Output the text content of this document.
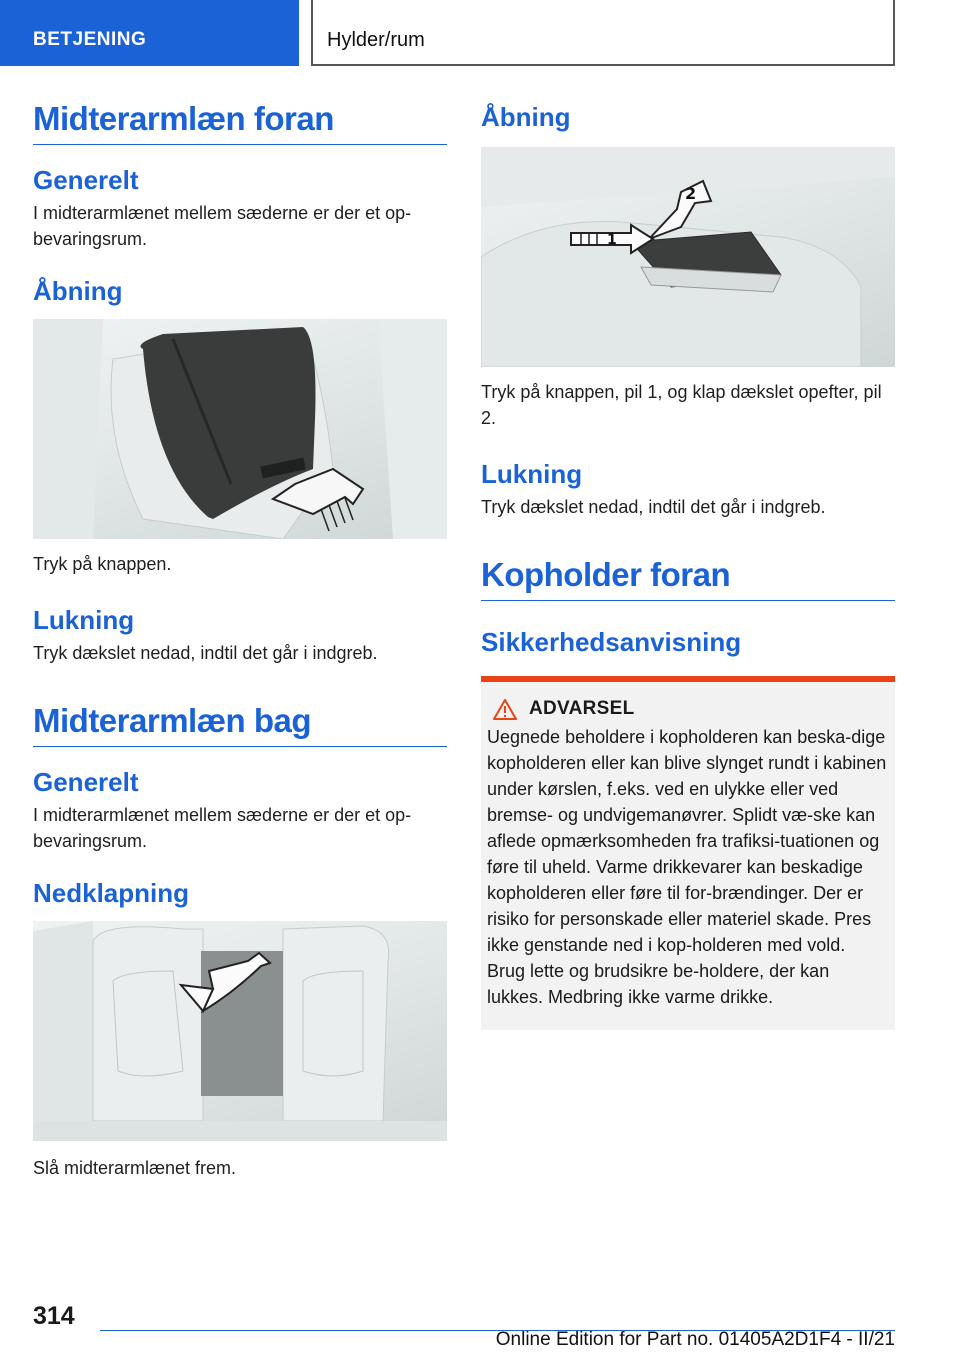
BETJENING	Hylder/rum
Midterarmlæn foran
Generelt

I midterarmlænet mellem sæderne er der et op-bevaringsrum.

Åbning

Tryk på knappen.

Lukning

Tryk dækslet nedad, indtil det går i indgreb.

Midterarmlæn bag
Generelt

I midterarmlænet mellem sæderne er der et op-bevaringsrum.

Nedklapning

Slå midterarmlænet frem.

Åbning
2
1

Tryk på knappen, pil 1, og klap dækslet opefter, pil 2.

Lukning

Tryk dækslet nedad, indtil det går i indgreb.

Kopholder foran
Sikkerhedsanvisning
ADVARSEL

Uegnede beholdere i kopholderen kan beska-dige kopholderen eller kan blive slynget rundt i kabinen under kørslen, f.eks. ved en ulykke eller ved bremse- og undvigemanøvrer. Splidt væ-ske kan aflede opmærksomheden fra trafiksi-tuationen og føre til uheld. Varme drikkevarer kan beskadige kopholderen eller føre til for-brændinger. Der er risiko for personskade eller materiel skade. Pres ikke genstande ned i kop-holderen med vold. Brug lette og brudsikre be-holdere, der kan lukkes. Medbring ikke varme drikke.

314
Online Edition for Part no. 01405A2D1F4 - II/21
